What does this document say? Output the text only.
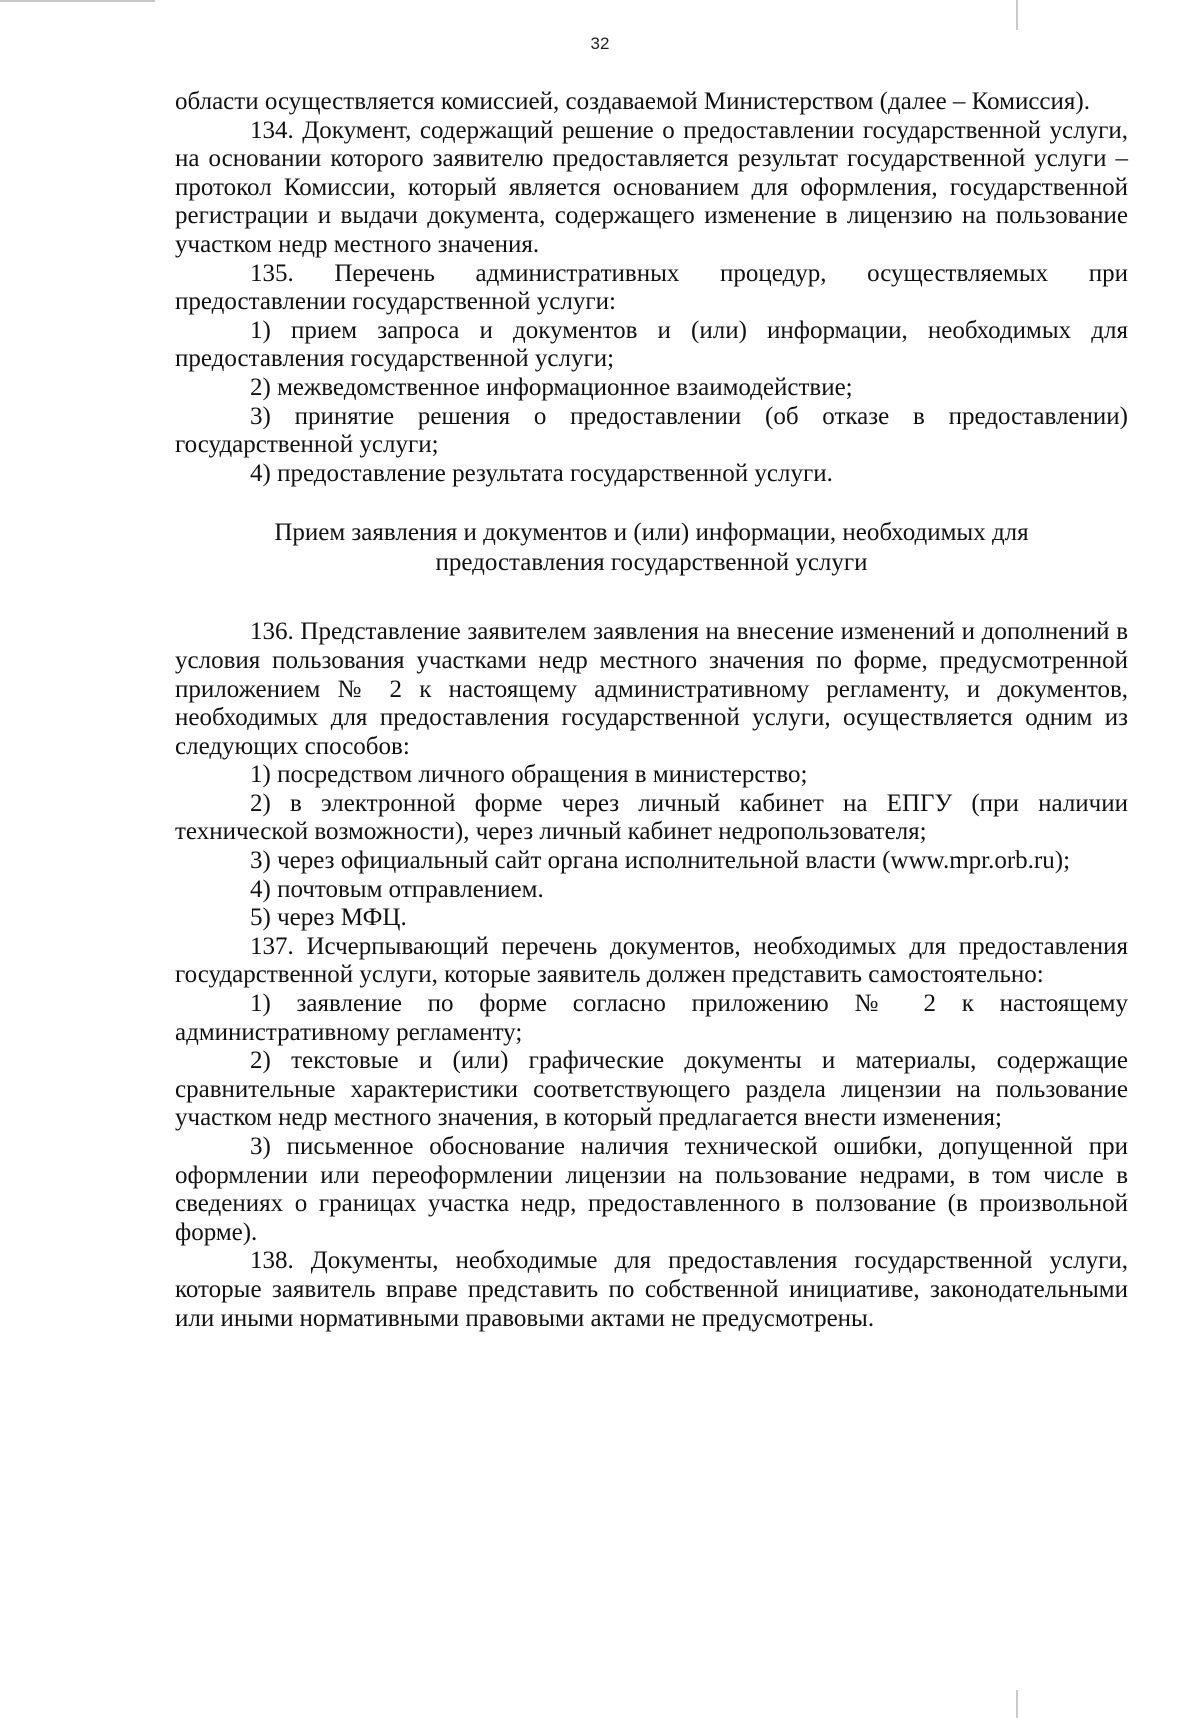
32

области осуществляется комиссией, создаваемой Министерством (далее – Комиссия).

134. Документ, содержащий решение о предоставлении государственной услуги, на основании которого заявителю предоставляется результат государственной услуги – протокол Комиссии, который является основанием для оформления, государственной регистрации и выдачи документа, содержащего изменение в лицензию на пользование участком недр местного значения.

135. Перечень административных процедур, осуществляемых при предоставлении государственной услуги:

1) прием запроса и документов и (или) информации, необходимых для предоставления государственной услуги;

2) межведомственное информационное взаимодействие;

3) принятие решения о предоставлении (об отказе в предоставлении) государственной услуги;

4) предоставление результата государственной услуги.

Прием заявления и документов и (или) информации, необходимых для
предоставления государственной услуги

136. Представление заявителем заявления на внесение изменений и дополнений в условия пользования участками недр местного значения по форме, предусмотренной приложением № 2 к настоящему административному регламенту, и документов, необходимых для предоставления государственной услуги, осуществляется одним из следующих способов:

1) посредством личного обращения в министерство;

2) в электронной форме через личный кабинет на ЕПГУ (при наличии технической возможности), через личный кабинет недропользователя;

3) через официальный сайт органа исполнительной власти (www.mpr.orb.ru);

4) почтовым отправлением.

5) через МФЦ.

137. Исчерпывающий перечень документов, необходимых для предоставления государственной услуги, которые заявитель должен представить самостоятельно:

1) заявление по форме согласно приложению № 2 к настоящему административному регламенту;

2) текстовые и (или) графические документы и материалы, содержащие сравнительные характеристики соответствующего раздела лицензии на пользование участком недр местного значения, в который предлагается внести изменения;

3) письменное обоснование наличия технической ошибки, допущенной при оформлении или переоформлении лицензии на пользование недрами, в том числе в сведениях о границах участка недр, предоставленного в ползование (в произвольной форме).

138. Документы, необходимые для предоставления государственной услуги, которые заявитель вправе представить по собственной инициативе, законодательными или иными нормативными правовыми актами не предусмотрены.
